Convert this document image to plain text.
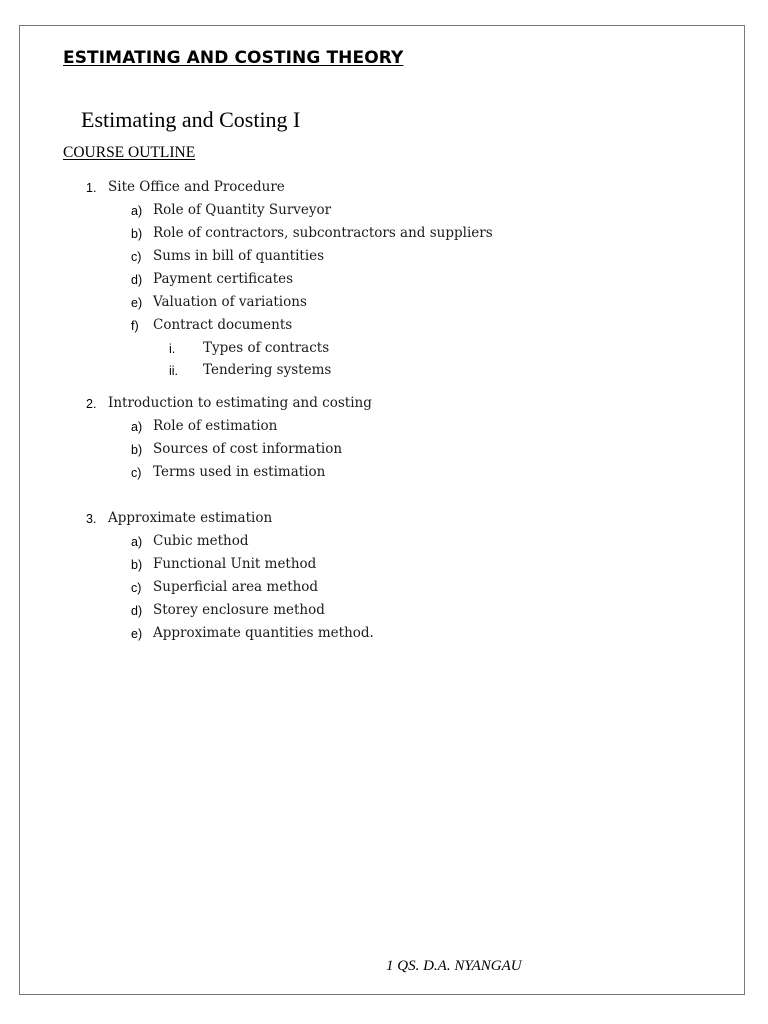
ESTIMATING AND COSTING THEORY
Estimating and Costing I
COURSE OUTLINE
1. Site Office and Procedure
a) Role of Quantity Surveyor
b) Role of contractors, subcontractors and suppliers
c) Sums in bill of quantities
d) Payment certificates
e) Valuation of variations
f) Contract documents
i. Types of contracts
ii. Tendering systems
2. Introduction to estimating and costing
a) Role of estimation
b) Sources of cost information
c) Terms used in estimation
3. Approximate estimation
a) Cubic method
b) Functional Unit method
c) Superficial area method
d) Storey enclosure method
e) Approximate quantities method.
1 QS. D.A. NYANGAU
